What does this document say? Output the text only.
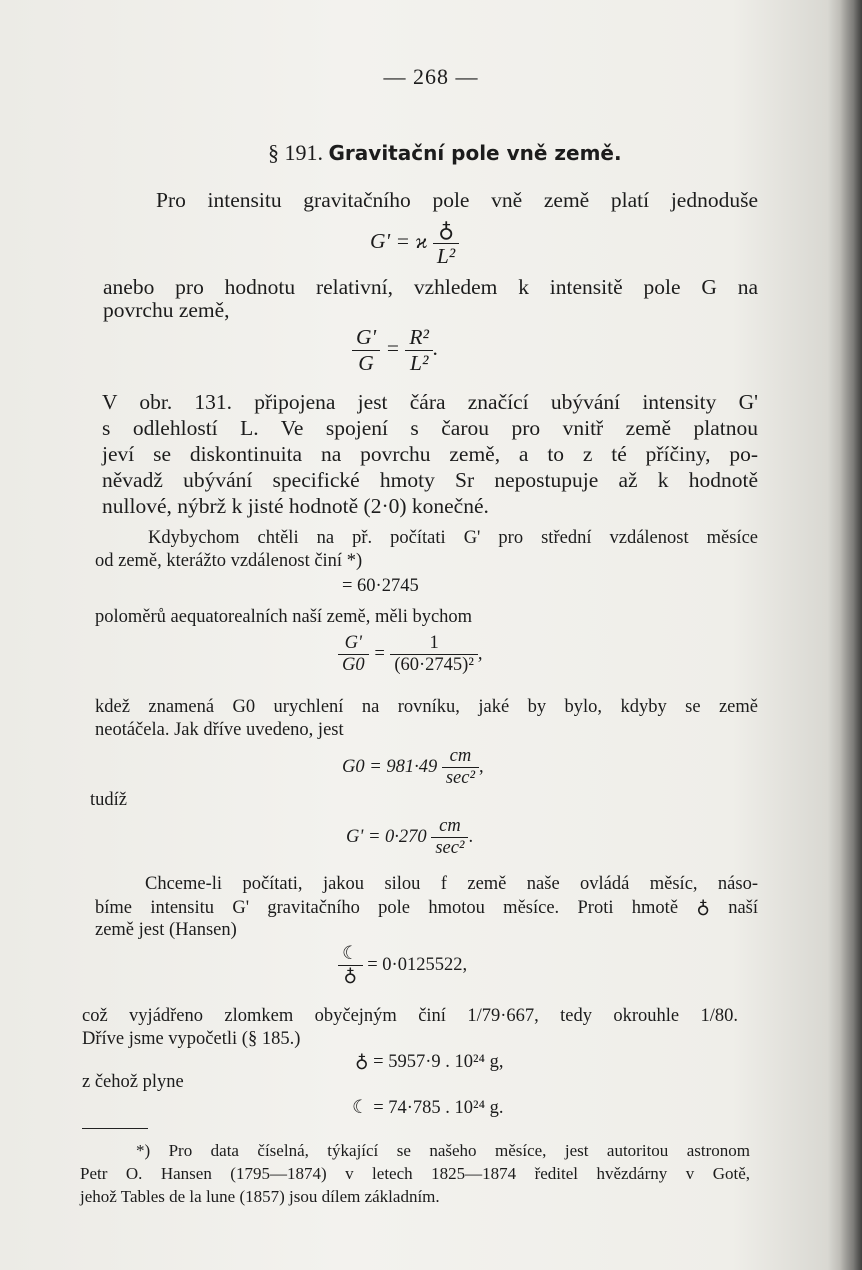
— 268 —
§ 191. Gravitační pole vně země.
Pro intensitu gravitačního pole vně země platí jednoduše
G' = ϰ $\frac{♁}{\text{L²}}$
anebo pro hodnotu relativní, vzhledem k intensitě pole G na
povrchu země,
$\frac{G'}{G} = \frac{\text{R²}}{\text{L²}}$ .
V obr. 131. připojena jest čára značící ubývání intensity G'
s odlehlostí L. Ve spojení s čarou pro vnitř země platnou
jeví se diskontinuita na povrchu země, a to z té příčiny, po-
něvadž ubývání specifické hmoty Sr nepostupuje až k hodnotě
nullové, nýbrž k jisté hodnotě (2·0) konečné.
Kdybychom chtěli na př. počítati G' pro střední vzdálenost měsíce
od země, kterážto vzdálenost činí *)
= 60·2745
poloměrů aequatorealních naší země, měli bychom
$\frac{G'}{G0} = \frac{1}{\text{(60·2745)²}}$ ,
kdež znamená G0 urychlení na rovníku, jaké by bylo, kdyby se země
neotáčela. Jak dříve uvedeno, jest
$G0 = 981\cdot 49 \frac{cm}{\text{sec²}}$ ,
tudíž
$G' = 0\cdot 270 \frac{cm}{\text{sec²}}$ .
Chceme-li počítati, jakou silou f země naše ovládá měsíc, náso-
bíme intensitu G' gravitačního pole hmotou měsíce. Proti hmotě ♁ naší
země jest (Hansen)
$\frac{☾}{♁} = 0\cdot 0125522$,
což vyjádřeno zlomkem obyčejným činí 1/79·667, tedy okrouhle 1/80.
Dříve jsme vypočetli (§ 185.)
♁ = 5957·9 . 10²⁴ g,
z čehož plyne
☾ = 74·785 . 10²⁴ g.
*) Pro data číselná, týkající se našeho měsíce, jest autoritou astronom
Petr O. Hansen (1795—1874) v letech 1825—1874 ředitel hvězdárny v Gotě,
jehož Tables de la lune (1857) jsou dílem základním.
